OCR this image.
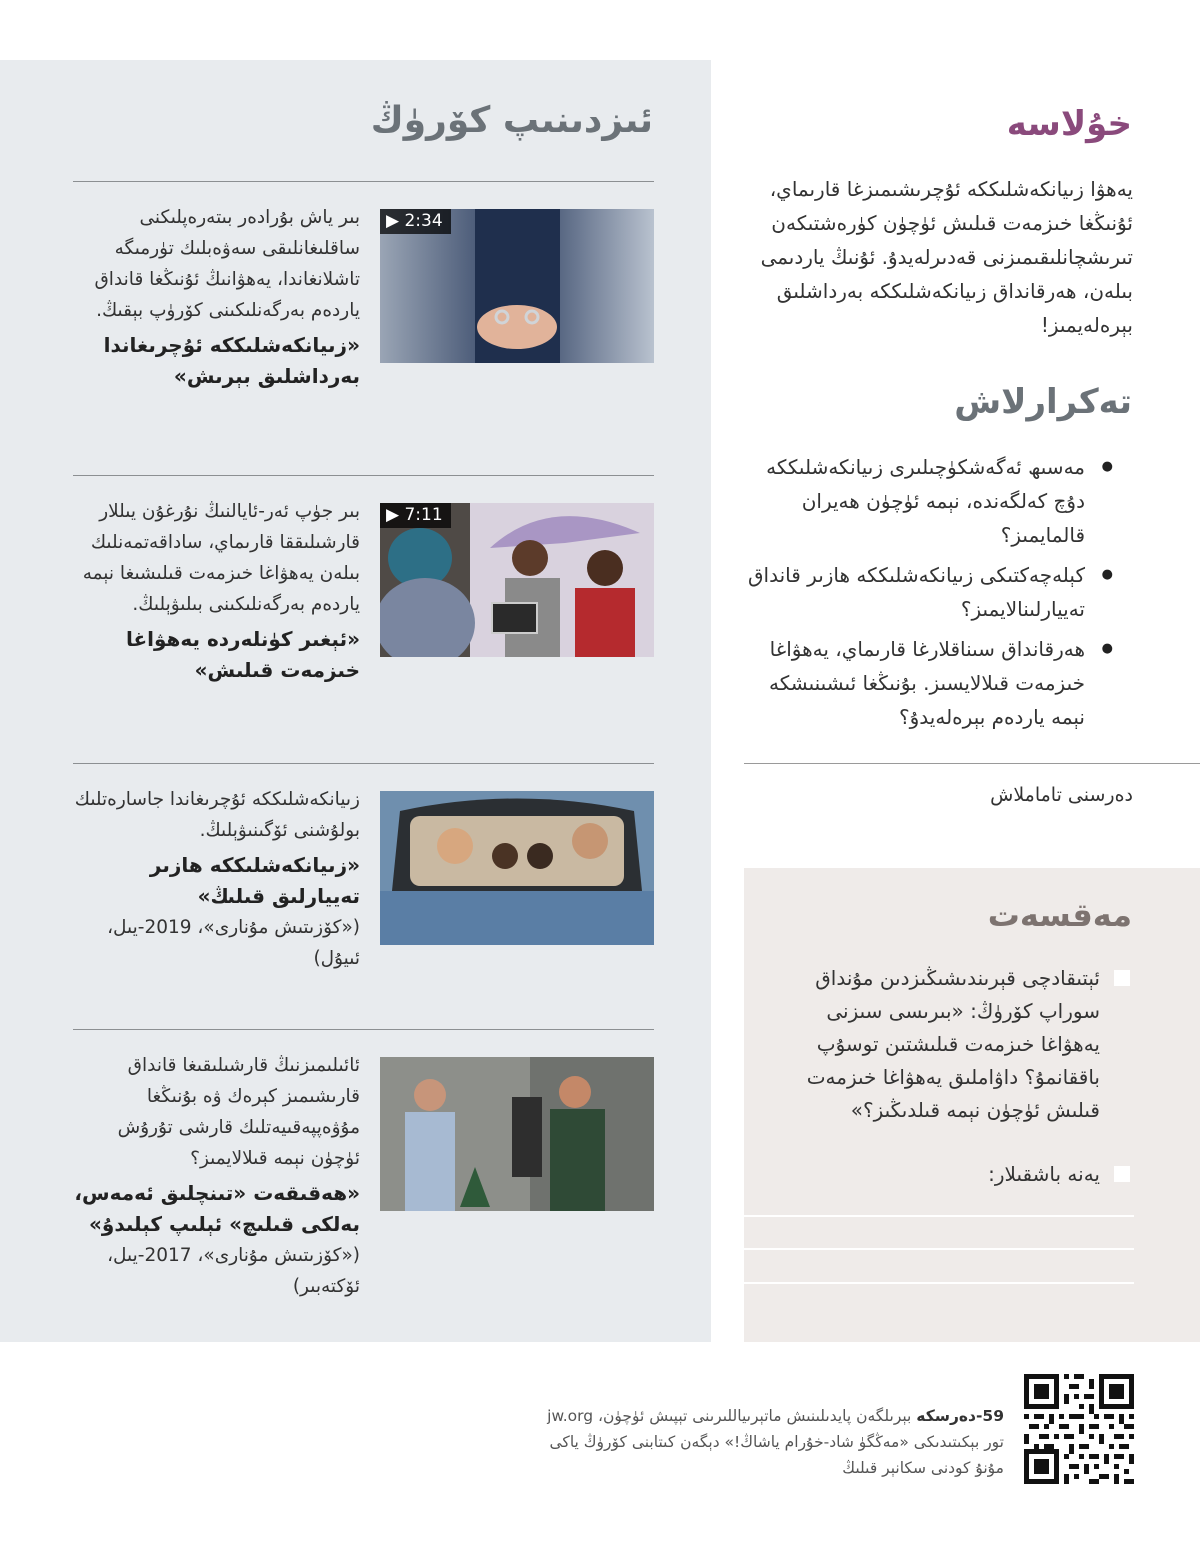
ئىزدىنىپ كۆرۈڭ
▶ 2:34

بىر ياش بۇرادەر بىتەرەپلىكنى ساقلىغانلىقى سەۋەبلىك تۈرمىگە تاشلانغاندا، يەھۋانىڭ ئۇنىڭغا قانداق ياردەم بەرگەنلىكىنى كۆرۈپ بېقىڭ.

«زىيانكەشلىككە ئۇچرىغاندا بەرداشلىق بېرىش»

▶ 7:11

بىر جۈپ ئەر-ئايالنىڭ نۇرغۇن يىللار قارشىلىققا قارىماي، ساداقەتمەنلىك بىلەن يەھۋاغا خىزمەت قىلىشىغا نېمە ياردەم بەرگەنلىكىنى بىلىۋېلىڭ.

«ئېغىر كۈنلەردە يەھۋاغا خىزمەت قىلىش»

زىيانكەشلىككە ئۇچرىغاندا جاسارەتلىك بولۇشنى ئۆگىنىۋېلىڭ.

«زىيانكەشلىككە ھازىر تەييارلىق قىلىڭ»

(«كۆزىتىش مۇنارى»، 2019-يىل، ئىيۇل)

ئائىلىمىزنىڭ قارشىلىقىغا قانداق قارىشىمىز كېرەك ۋە بۇنىڭغا مۇۋەپپەقىيەتلىك قارشى تۇرۇش ئۈچۈن نېمە قىلالايمىز؟

«ھەقىقەت «تىنچلىق ئەمەس، بەلكى قىلىچ» ئېلىپ كېلىدۇ»

(«كۆزىتىش مۇنارى»، 2017-يىل، ئۆكتەبىر)

خۇلاسە

يەھۋا زىيانكەشلىككە ئۇچرىشىمىزغا قارىماي، ئۇنىڭغا خىزمەت قىلىش ئۈچۈن كۈرەشتىكەن تىرىشچانلىقىمىزنى قەدىرلەيدۇ. ئۇنىڭ ياردىمى بىلەن، ھەرقانداق زىيانكەشلىككە بەرداشلىق بېرەلەيمىز!

تەكرارلاش
● مەسىھ ئەگەشكۈچىلىرى زىيانكەشلىككە دۇچ كەلگەندە، نېمە ئۈچۈن ھەيران قالمايمىز؟
● كېلەچەكتىكى زىيانكەشلىككە ھازىر قانداق تەييارلىنالايمىز؟
● ھەرقانداق سىناقلارغا قارىماي، يەھۋاغا خىزمەت قىلالايسىز. بۇنىڭغا ئىشىنىشكە نېمە ياردەم بېرەلەيدۇ؟

دەرسنى تاماملاش

مەقسەت
ئېتىقادچى قېرىندىشىڭىزدىن مۇنداق سوراپ كۆرۈڭ: «بىرىسى سىزنى يەھۋاغا خىزمەت قىلىشتىن توسۇپ باققانمۇ؟ داۋاملىق يەھۋاغا خىزمەت قىلىش ئۈچۈن نېمە قىلدىڭىز؟»
يەنە باشقىلار:

59-دەرسكە بېرىلگەن پايدىلىنىش ماتېرىياللىرىنى تېپىش ئۈچۈن، jw.org تور بېكىتىدىكى «مەڭگۈ شاد-خۇرام ياشاڭ!» دېگەن كىتابنى كۆرۈڭ ياكى مۇنۇ كودنى سكانېر قىلىڭ
